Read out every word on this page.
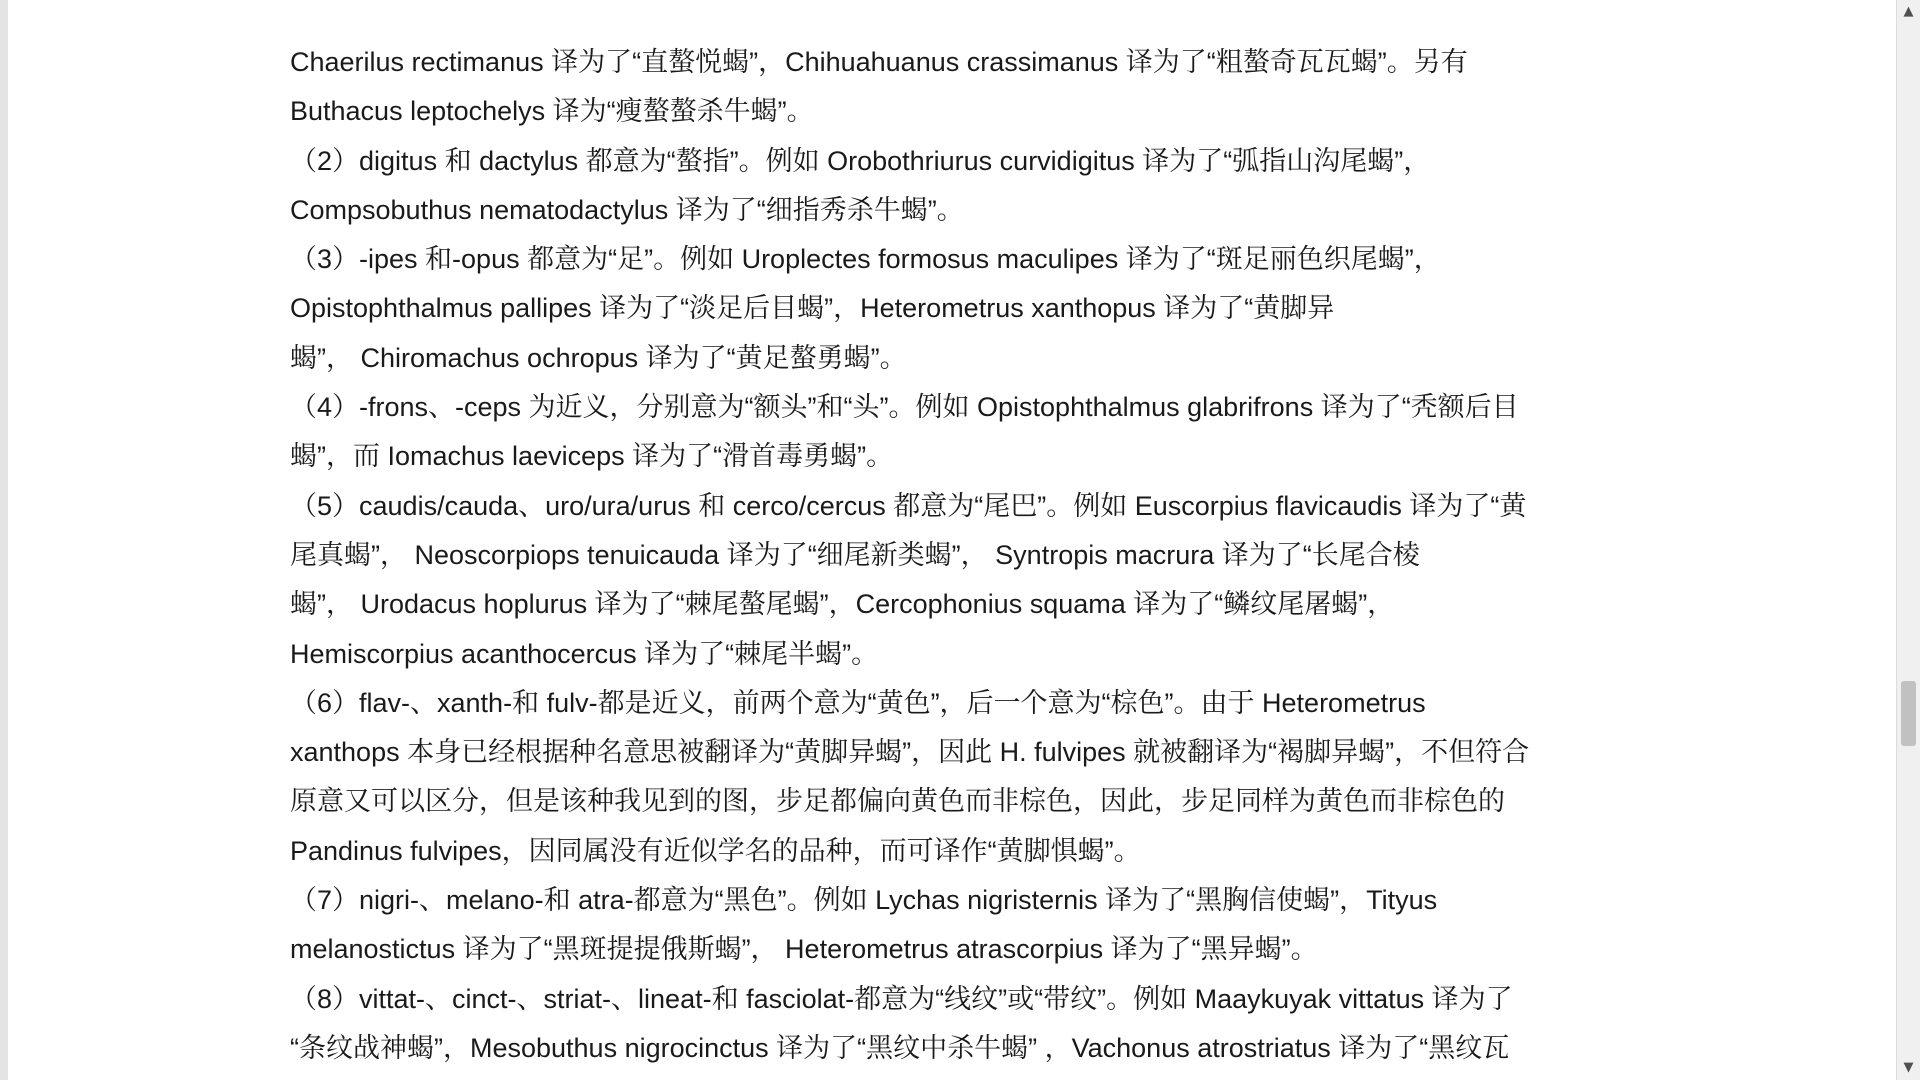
Chaerilus rectimanus 译为了“直螯悦蝎”，Chihuahuanus crassimanus 译为了“粗螯奇瓦瓦蝎”。另有
Buthacus leptochelys 译为“瘦螯螯杀牛蝎”。
（2）digitus 和 dactylus 都意为“螯指”。例如 Orobothriurus curvidigitus 译为了“弧指山沟尾蝎”，
Compsobuthus nematodactylus 译为了“细指秀杀牛蝎”。
（3）-ipes 和-opus 都意为“足”。例如 Uroplectes formosus maculipes 译为了“斑足丽色织尾蝎”，
Opistophthalmus pallipes 译为了“淡足后目蝎”，Heterometrus xanthopus 译为了“黄脚异
蝎”， Chiromachus ochropus 译为了“黄足螯勇蝎”。
（4）-frons、-ceps 为近义，分别意为“额头”和“头”。例如 Opistophthalmus glabrifrons 译为了“秃额后目
蝎”，而 Iomachus laeviceps 译为了“滑首毒勇蝎”。
（5）caudis/cauda、uro/ura/urus 和 cerco/cercus 都意为“尾巴”。例如 Euscorpius flavicaudis 译为了“黄
尾真蝎”， Neoscorpiops tenuicauda 译为了“细尾新类蝎”， Syntropis macrura 译为了“长尾合棱
蝎”， Urodacus hoplurus 译为了“棘尾螯尾蝎”，Cercophonius squama 译为了“鳞纹尾屠蝎”，
Hemiscorpius acanthocercus 译为了“棘尾半蝎”。
（6）flav-、xanth-和 fulv-都是近义，前两个意为“黄色”，后一个意为“棕色”。由于 Heterometrus
xanthops 本身已经根据种名意思被翻译为“黄脚异蝎”，因此 H. fulvipes 就被翻译为“褐脚异蝎”，不但符合
原意又可以区分，但是该种我见到的图，步足都偏向黄色而非棕色，因此，步足同样为黄色而非棕色的
Pandinus fulvipes，因同属没有近似学名的品种，而可译作“黄脚惧蝎”。
（7）nigri-、melano-和 atra-都意为“黑色”。例如 Lychas nigristernis 译为了“黑胸信使蝎”，Tityus
melanostictus 译为了“黑斑提提俄斯蝎”， Heterometrus atrascorpius 译为了“黑异蝎”。
（8）vittat-、cinct-、striat-、lineat-和 fasciolat-都意为“线纹”或“带纹”。例如 Maaykuyak vittatus 译为了
“条纹战神蝎”，Mesobuthus nigrocinctus 译为了“黑纹中杀牛蝎” ，Vachonus atrostriatus 译为了“黑纹瓦
▲
▼
